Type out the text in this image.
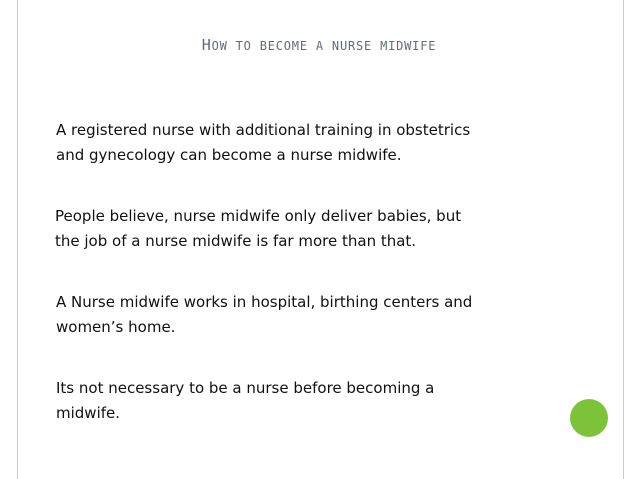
HOW TO BECOME A NURSE MIDWIFE
A registered nurse with additional training in obstetrics
and gynecology can become a nurse midwife.
People believe, nurse midwife only deliver babies, but
the job of a nurse midwife is far more than that.
A Nurse midwife works in hospital, birthing centers and
women’s home.
Its not necessary to be a nurse before becoming a
midwife.
